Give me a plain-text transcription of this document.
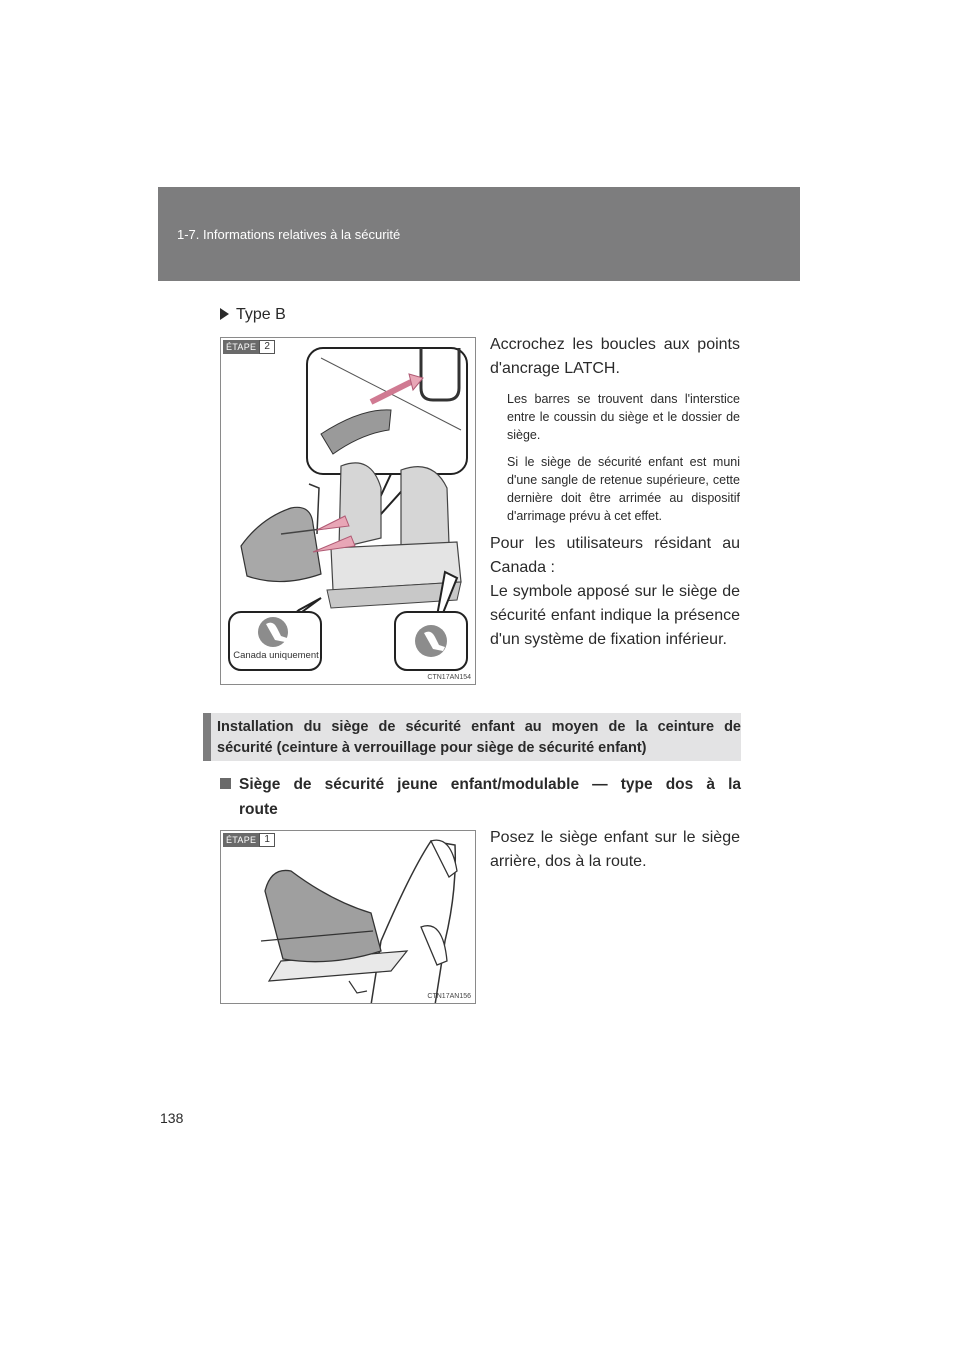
1-7. Informations relatives à la sécurité
Type B
ÉTAPE 2
Canada uniquement
CTN17AN154

Accrochez les boucles aux points d'ancrage LATCH.

Les barres se trouvent dans l'interstice entre le coussin du siège et le dossier de siège.

Si le siège de sécurité enfant est muni d'une sangle de retenue supérieure, cette dernière doit être arrimée au dispositif d'arrimage prévu à cet effet.

Pour les utilisateurs résidant au Canada :

Le symbole apposé sur le siège de sécurité enfant indique la présence d'un système de fixation inférieur.

Installation du siège de sécurité enfant au moyen de la ceinture de
sécurité (ceinture à verrouillage pour siège de sécurité enfant)
Siège de sécurité jeune enfant/modulable — type dos à la
route
ÉTAPE 1
CTN17AN156

Posez le siège enfant sur le siège arrière, dos à la route.

138
